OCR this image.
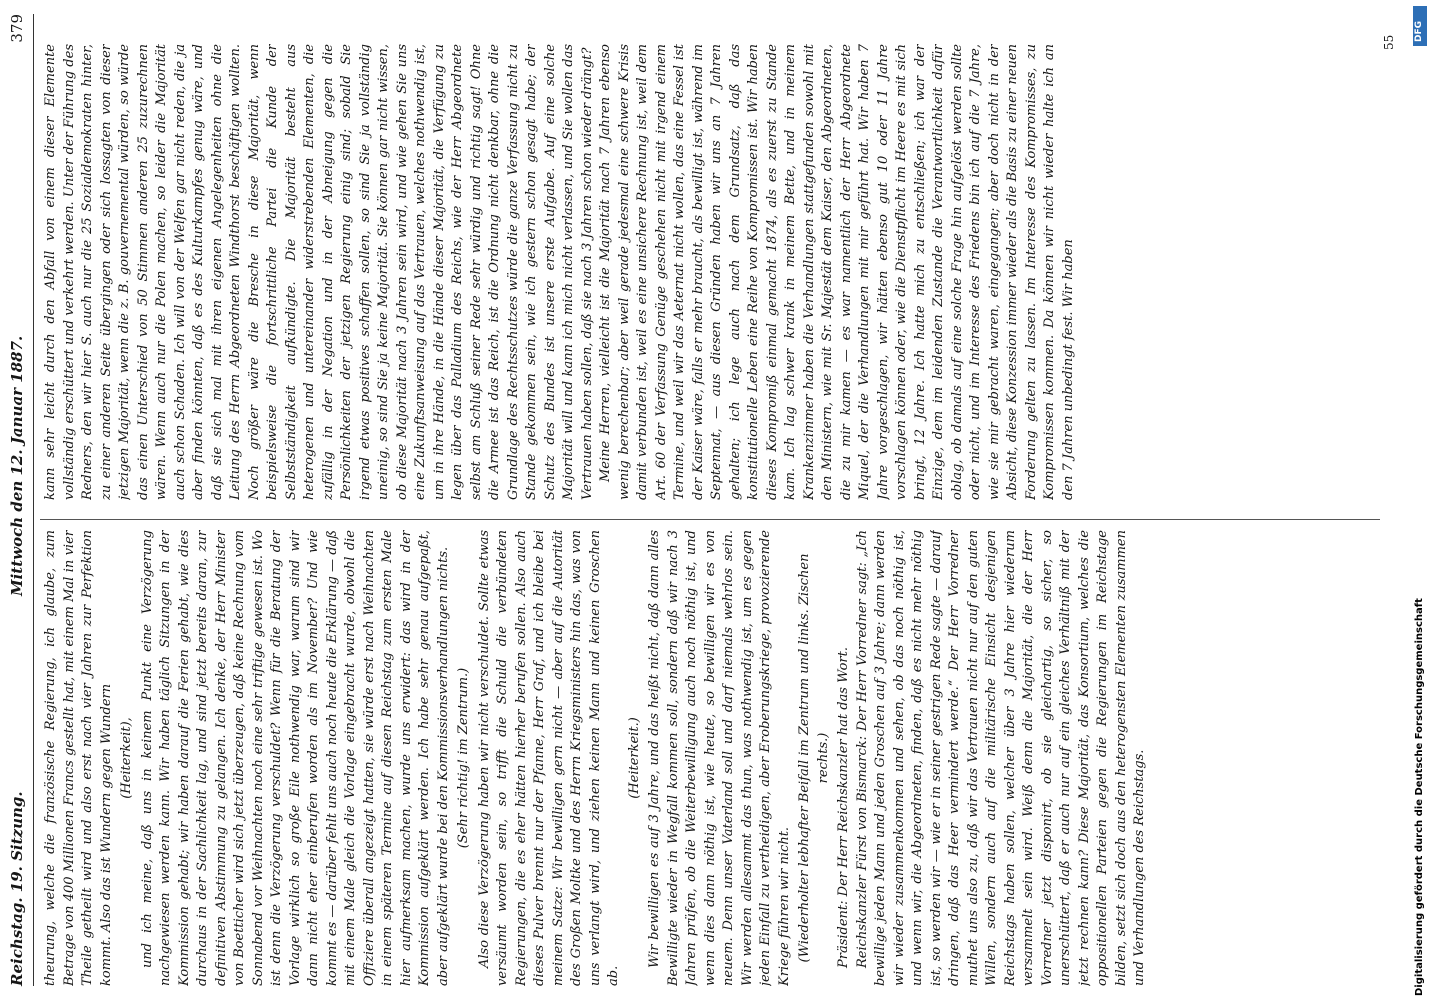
Reichstag. 19. Sitzung.
Mittwoch den 12. Januar 1887.
379

theurung, welche die französische Regierung, ich glaube, zum Betrage von 400 Millionen Francs gestellt hat, mit einem Mal in vier Theile getheilt wird und also erst nach vier Jahren zur Perfektion kommt. Also das ist Wundern gegen Wundern (Heiterkeit), und ich meine, daß uns in keinem Punkt eine Verzögerung nachgewiesen werden kann. Wir haben täglich Sitzungen in der Kommission gehabt; wir haben darauf die Ferien gehabt, wie dies durchaus in der Sachlichkeit lag, und sind jetzt bereits daran, zur definitiven Abstimmung zu gelangen. Ich denke, der Herr Minister von Boetticher wird sich jetzt überzeugen, daß keine Rechnung vom Sonnabend vor Weihnachten noch eine sehr triftige gewesen ist. Wo ist denn die Verzögerung verschuldet? Wenn für die Beratung der Vorlage wirklich so große Eile nothwendig war, warum sind wir dann nicht eher einberufen worden als im November? Und wie kommt es — darüber fehlt uns auch noch heute die Erklärung — daß mit einem Male gleich die Vorlage eingebracht wurde, obwohl die Offiziere überall angezeigt hatten, sie würde erst nach Weihnachten in einem späteren Termine auf diesen Reichstag zum ersten Male hier aufmerksam machen, wurde uns erwidert: das wird in der Kommission aufgeklärt werden. Ich habe sehr genau aufgepaßt, aber aufgeklärt wurde bei den Kommissionsverhandlungen nichts. (Sehr richtig! im Zentrum.) Also diese Verzögerung haben wir nicht verschuldet. Sollte etwas versäumt worden sein, so trifft die Schuld die verbündeten Regierungen, die es eher hätten hierher berufen sollen. Also auch dieses Pulver brennt nur der Pfanne, Herr Graf, und ich bleibe bei meinem Satze: Wir bewilligen gern nicht — aber auf die Autorität des Großen Moltke und des Herrn Kriegsministers hin das, was von uns verlangt wird, und ziehen keinen Mann und keinen Groschen ab.

(Heiterkeit.) Wir bewilligen es auf 3 Jahre, und das heißt nicht, daß dann alles Bewilligte wieder in Wegfall kommen soll, sondern daß wir nach 3 Jahren prüfen, ob die Weiterbewilligung auch noch nöthig ist, und wenn dies dann nöthig ist, wie heute, so bewilligen wir es von neuem. Denn unser Vaterland soll und darf niemals wehrlos sein. Wir werden allesammt das thun, was nothwendig ist, um es gegen jeden Einfall zu vertheidigen, aber Eroberungskriege, provozierende Kriege führen wir nicht. (Wiederholter lebhafter Beifall im Zentrum und links. Zischen rechts.) Präsident: Der Herr Reichskanzler hat das Wort. Reichskanzler Fürst von Bismarck: Der Herr Vorredner sagt: „Ich bewillige jeden Mann und jeden Groschen auf 3 Jahre; dann werden wir wieder zusammenkommen und sehen, ob das noch nöthig ist, und wenn wir, die Abgeordneten, finden, daß es nicht mehr nöthig ist, so werden wir — wie er in seiner gestrigen Rede sagte — darauf dringen, daß das Heer vermindert werde.“ Der Herr Vorredner muthet uns also zu, daß wir das Vertrauen nicht nur auf den guten Willen, sondern auch auf die militärische Einsicht desjenigen Reichstags haben sollen, welcher über 3 Jahre hier wiederum versammelt sein wird. Weiß denn die Majorität, die der Herr Vorredner jetzt disponirt, ob sie gleichartig, so sicher, so unerschüttert, daß er auch nur auf ein gleiches Verhältniß mit der jetzt rechnen kann? Diese Majorität, das Konsortium, welches die oppositionellen Parteien gegen die Regierungen im Reichstage bilden, setzt sich doch aus den heterogensten Elementen zusammen und Verhandlungen des Reichstags.

kann sehr leicht durch den Abfall von einem dieser Elemente vollständig erschüttert und verkehrt werden. Unter der Führung des Redners, den wir hier S. auch nur die 25 Sozialdemokraten hinter, zu einer anderen Seite übergingen oder sich lossagten von dieser jetzigen Majorität, wenn die z. B. gouvernemental würden, so würde das einen Unterschied von 50 Stimmen anderen 25 zuzurechnen wären. Wenn auch nur die Polen machen, so leider die Majorität auch schon Schaden. Ich will von der Welfen gar nicht reden, die ja aber finden könnten, daß es des Kulturkampfes genug wäre, und daß sie sich mal mit ihren eigenen Angelegenheiten ohne die Leitung des Herrn Abgeordneten Windthorst beschäftigen wollten. Noch größer wäre die Bresche in diese Majorität, wenn beispielsweise die fortschrittliche Partei die Kunde der Selbstständigkeit aufkündigte. Die Majorität besteht aus heterogenen und untereinander widerstrebenden Elementen, die zufällig in der Negation und in der Abneigung gegen die Persönlichkeiten der jetzigen Regierung einig sind; sobald Sie irgend etwas positives schaffen sollen, so sind Sie ja vollständig uneinig, so sind Sie ja keine Majorität. Sie können gar nicht wissen, ob diese Majorität nach 3 Jahren sein wird, und wie gehen Sie uns eine Zukunftsanweisung auf das Vertrauen, welches nothwendig ist, um in ihre Hände, in die Hände dieser Majorität, die Verfügung zu legen über das Palladium des Reichs, wie der Herr Abgeordnete selbst am Schluß seiner Rede sehr würdig und richtig sagt! Ohne die Armee ist das Reich, ist die Ordnung nicht denkbar, ohne die Grundlage des Rechtsschutzes würde die ganze Verfassung nicht zu Stande gekommen sein, wie ich gestern schon gesagt habe; der Schutz des Bundes ist unsere erste Aufgabe. Auf eine solche Majorität will und kann ich mich nicht verlassen, und Sie wollen das Vertrauen haben sollen, daß sie nach 3 Jahren schon wieder drängt? Meine Herren, vielleicht ist die Majorität nach 7 Jahren ebenso wenig berechenbar; aber weil gerade jedesmal eine schwere Krisis damit verbunden ist, weil es eine unsichere Rechnung ist, weil dem Art. 60 der Verfassung Genüge geschehen nicht mit irgend einem Termine, und weil wir das Aeternat nicht wollen, das eine Fessel ist der Kaiser wäre, falls er mehr braucht, als bewilligt ist, während im Septennat, — aus diesen Gründen haben wir uns an 7 Jahren gehalten; ich lege auch nach dem Grundsatz, daß das konstitutionelle Leben eine Reihe von Kompromissen ist. Wir haben dieses Kompromiß einmal gemacht 1874, als es zuerst zu Stande kam. Ich lag schwer krank in meinem Bette, und in meinem Krankenzimmer haben die Verhandlungen stattgefunden sowohl mit den Ministern, wie mit Sr. Majestät dem Kaiser, den Abgeordneten, die zu mir kamen — es war namentlich der Herr Abgeordnete Miquel, der die Verhandlungen mit mir geführt hat. Wir haben 7 Jahre vorgeschlagen, wir hätten ebenso gut 10 oder 11 Jahre vorschlagen können oder, wie die Dienstpflicht im Heere es mit sich bringt, 12 Jahre. Ich hatte mich zu entschließen; ich war der Einzige, dem im leidenden Zustande die Verantwortlichkeit dafür oblag, ob damals auf eine solche Frage hin aufgelöst werden sollte oder nicht, und im Interesse des Friedens bin ich auf die 7 Jahre, wie sie mir gebracht waren, eingegangen; aber doch nicht in der Absicht, diese Konzession immer wieder als die Basis zu einer neuen Forderung gelten zu lassen. Im Interesse des Kompromisses, zu Kompromissen kommen. Da können wir nicht wieder halte ich an den 7 Jahren unbedingt fest. Wir haben

55
Digitalisierung gefördert durch die Deutsche Forschungsgemeinschaft
DFG
